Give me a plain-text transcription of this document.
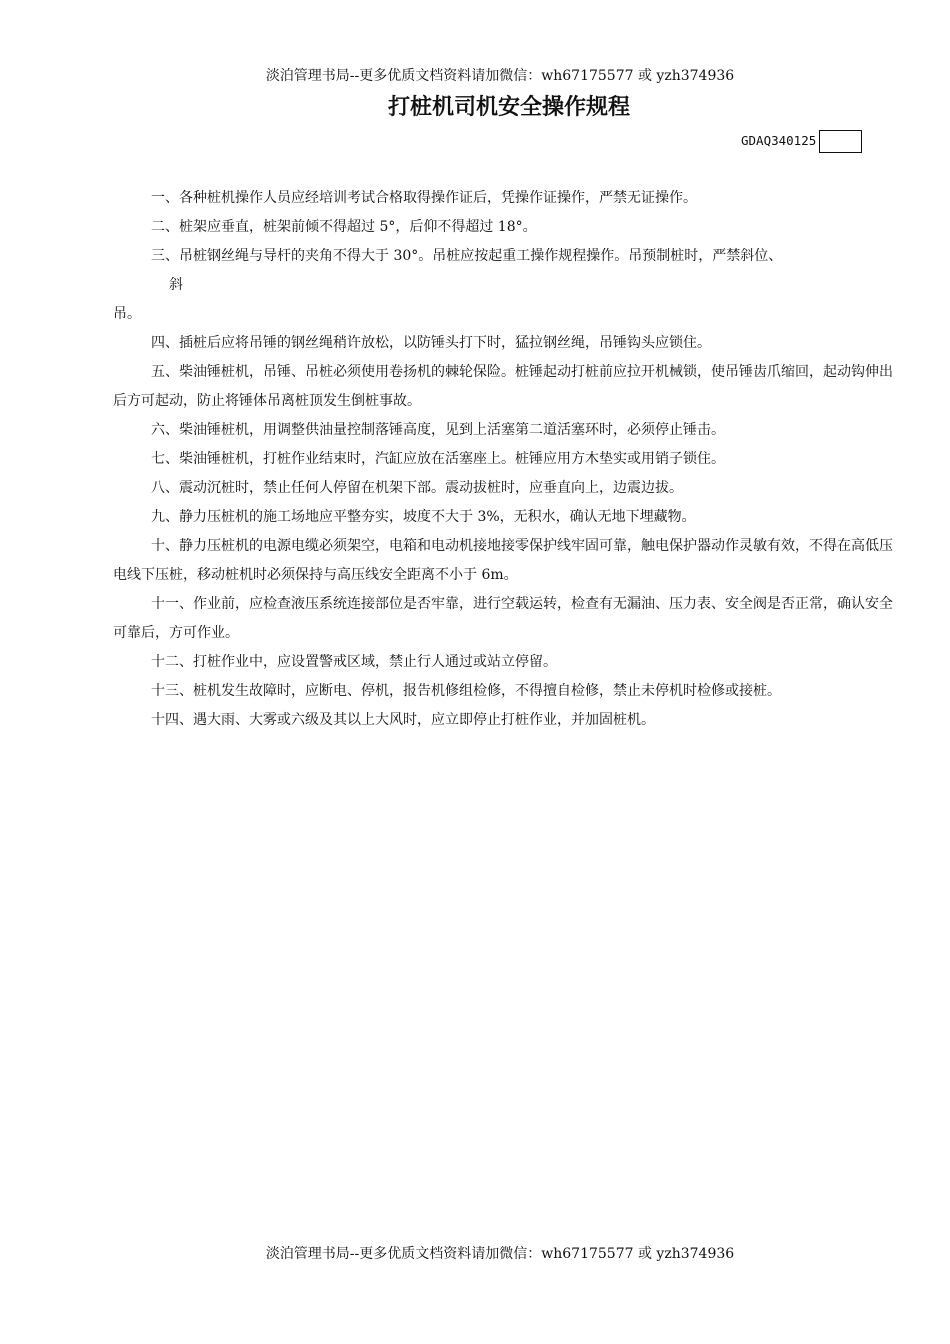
淡泊管理书局--更多优质文档资料请加微信：wh67175577 或 yzh374936
打桩机司机安全操作规程
GDAQ340125
一、各种桩机操作人员应经培训考试合格取得操作证后，凭操作证操作，严禁无证操作。
二、桩架应垂直，桩架前倾不得超过 5°，后仰不得超过 18°。
三、吊桩钢丝绳与导杆的夹角不得大于 30°。吊桩应按起重工操作规程操作。吊预制桩时，严禁斜位、
斜
吊。
四、插桩后应将吊锤的钢丝绳稍许放松，以防锤头打下时，猛拉钢丝绳，吊锤钩头应锁住。
五、柴油锤桩机，吊锤、吊桩必须使用卷扬机的棘轮保险。桩锤起动打桩前应拉开机械锁，使吊锤齿爪缩回，起动钩伸出后方可起动，防止将锤体吊离桩顶发生倒桩事故。
六、柴油锤桩机，用调整供油量控制落锤高度，见到上活塞第二道活塞环时，必须停止锤击。
七、柴油锤桩机，打桩作业结束时，汽缸应放在活塞座上。桩锤应用方木垫实或用销子锁住。
八、震动沉桩时，禁止任何人停留在机架下部。震动拔桩时，应垂直向上，边震边拔。
九、静力压桩机的施工场地应平整夯实，坡度不大于 3%，无积水，确认无地下埋藏物。
十、静力压桩机的电源电缆必须架空，电箱和电动机接地接零保护线牢固可靠，触电保护器动作灵敏有效，不得在高低压电线下压桩，移动桩机时必须保持与高压线安全距离不小于 6m。
十一、作业前，应检查液压系统连接部位是否牢靠，进行空载运转，检查有无漏油、压力表、安全阀是否正常，确认安全可靠后，方可作业。
十二、打桩作业中，应设置警戒区域，禁止行人通过或站立停留。
十三、桩机发生故障时，应断电、停机，报告机修组检修，不得擅自检修，禁止未停机时检修或接桩。
十四、遇大雨、大雾或六级及其以上大风时，应立即停止打桩作业，并加固桩机。
淡泊管理书局--更多优质文档资料请加微信：wh67175577 或 yzh374936
